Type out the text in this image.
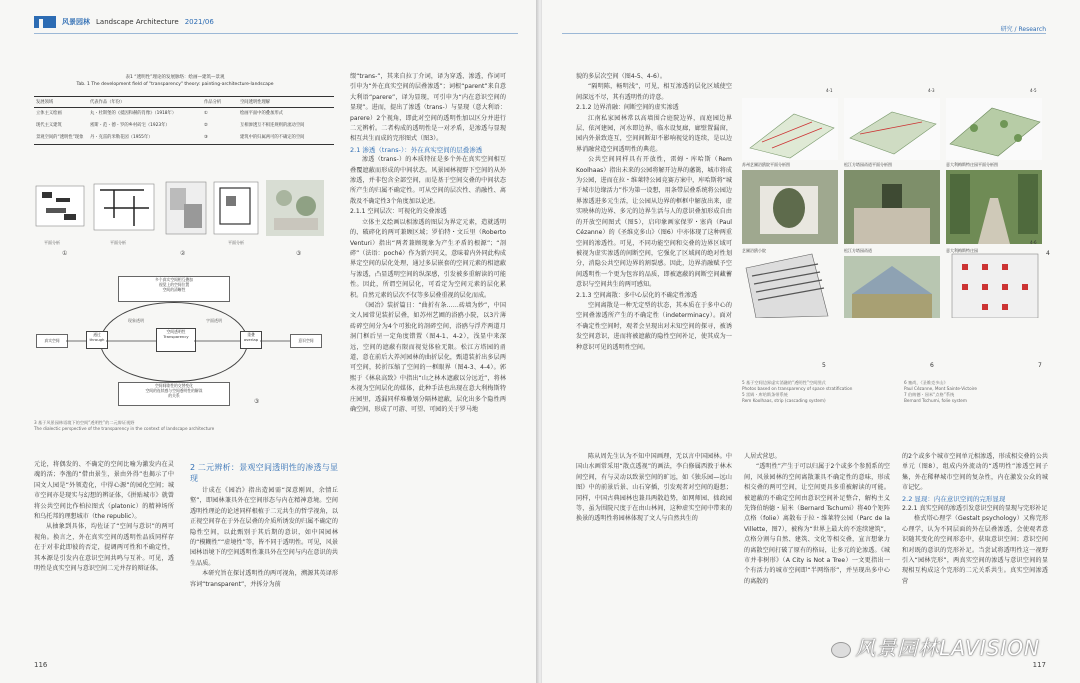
风景园林 Landscape Architecture 2021/06
表1 “透明性”理论的发展脉络：绘画—建筑—景观
Tab. 1 The development field of "transparency" theory: painting-architecture-landscape
发展领域	代表作品（年份）	作品分析	空间透明性理解
立体主义绘画	丸・杜斯堡的《抵因和赫的肖像》（1918年）	①	绘画平面中的叠加形式
现代主义建筑	密斯・范・德・罗的乡村砖宅（1923年）	②	互相渗透互不相连规则的流动空间
景观空间的“透明性”现象	丹・克雷的米勒花园（1955年）	③	建筑中的归属两可的不确定的空间
平面分析	平面分析	平面分析
①	②	③
多个真实空间相互叠加
视觉上的空间位置
空间的清晰性
空间间歇性的交替变化
空间的连续感与空间透明性的解读
的关系
真实空间
通过
through
空间透明性
Transparency	重叠
overlap	意识空间
现象透明	字面透明
③
3 基于风景园林语境下的空间“透明性”的二元辩证视野
The dialectic perspective of the transparency in the context of landscape architecture

元论，将偶发的、不确定的空间比喻为激发内在灵魂的活；李渔的“借由景生，景由外得”也揭示了中国文人园是“外领造化，中得心源”的园化空间；城市空间亦是现实与幻想的辨证体，《拼贴城市》就曾将公共空间比作柏拉图式（platonic）的精神场所和乌托邦的理想城市（the republic）。

从抽象到具体，均佐证了“空间与意识”的两可视角。换言之，外在真实空间的透明性品质同样存在于对非此即彼的否定，提调两可性和不确定性，其本源是引发内在意识空间共鸣与互补。可见，透明性是真实空间与意识空间二元并存的辩证体。

2 二元辨析：景观空间透明性的渗透与显现

计成在《园冶》指出造园需“深意刚固，余情丘壑”，即园林兼具外在空间形态与内在精神意境。空间透明性理论的论述同样根植于二元共生的哲学视角，以正视空间存在于外在层叠的介质所诱发的归属不确定的隐性空间，以此甄别于其后期的意识，如中国园林的“模糊性”“虚境性”等，皆不同于透明性。可见，风景园林语境下的空间透明性兼具外在空间与内在意识的共生品质。

本研究旨在探讨透明性的两可视角，溯源其英译形容词“transparent”，并拆分为前

缀“trans-”，其来自拉丁介词，译为穿透、渗透，作词可引申为“外在真实空间的层叠渗透”；词根“parent”来自意大利语“parere”，译为显现，可引申为“内在意识空间的显现”。进而，提出了渗透（trans-）与显现（意大利语：parere）2个视角，即此对空间的透明性加以区分并进行二元辨析。二者构成的透明性是一对矛盾，是渗透与显现相互共生而成的完形图式（图3）。

2.1 渗透（trans-）：外在真实空间的层叠渗透

渗透（trans-）的本质特征是多个外在真实空间相互叠覆遮蔽而形成的中间状态。风景园林视野下空间的从外渗透，并非包含全部空间，而是基于空间交叠的中间状态所产生的归属不确定性。可从空间的层次性、消融性、离散及不确定性3个角度加以论述。

2.1.1 空间层次：可视化的交叠渗透

立体主义绘画以相渗透的图层为界定元素，造就透明的、破碎化的两可兼顾区域；罗伯特・文丘里（Roberto Venturi）指出“两者兼顾现象为产生矛盾的根源”；“剖碎”（法语：poché）作为新兴同义，意味着内外同此构成界定空间的层化处理，通过多层嵌套的空间元素的相遮蔽与渗透，凸显透明空间的纵深感，引发被多重解读的可能性。因此，所谓空间层化，可看定为空间元素的层化累积。自然元素的层次不仅等多层叠重视的层化而成。

《园冶》装折篇日：“曲折有条……砖墙为妙”，中国文人园常见装折层叠，如苏州艺圃的浴鸥小院，以3片薄砖碎空间分为4个可独化的剖碎空间，浴鸥与浮芹两道月洞门框后呈一定角度错置（图4-1、4-2），浅显中来深远，空间的遮蔽有限而视觉体验无限。松江方塔园的甬道，意在前后大养河园林的曲折层化，甄道装折出多层两可空间，转折压缩了空间的一框眼界（图4-3、4-4）。郭熙于《林泉高致》中指出“山之林木遮蔽以分远近”，将林木视为空间层化的媒体，此种手法也出现在意大利梅斯特庄园里，透漏同样堆疊划分隔林遮蔽，层化出多个隐性两确空间，形成了可游、可望、可园的关于罗马地

116
研究 / Research

貌的多层次空间（图4-5、4-6）。

“隔明陈，畅明浅”，可见，相互渗透的层化区域使空间深远不尽，其有透明性的诗意。

2.1.2 边界消融：间断空间的虚实渗透

江南私家园林常以高墙围合庭院边界，而庭园边界层、依河建园，河水即边界，临水设复廊，廊壁置漏窗，园内外景致连互，空间间断却不影响视觉的连续，是以边界消融营造空间透明性的典范。

公共空间同样具有开放性，雷姆・库哈斯（Rem Koolhaas）指出未来的公园将解开边界的藩篱，城市将成为公园，进而在拉・维莱特公园竞赛方案中，库哈斯将“城于城市边缘活力”作为第一设想，用条带层叠系统将公园边界渗透进多元生活，让公园从边界的框框中解放出来，虚实映林的边界、多元的边界生活与人的意识叠加形成自由的开放空间图式（图5），启印象画家保罗・塞尚（Paul Cézanne）的《圣维克多山》（图6）中亦体现了这种两重空间的渗透性。可见，不同功能空间和交叠的边界区域可被视为虚实渗透的间断空间，它强化了区域间的绝对性划分，消隐公共空间边界的割裂感。因此，边界消融赋予空间透明性一个更为包容的品质，即被遮蔽的间断空间藏蓄意识与空间共生的两可感知。

2.1.3 空间离散：多中心层化的不确定性渗透

空间离散是一种无定型的状态，其本质在于多中心的空间叠渗透所产生的不确定性（indeterminacy）。面对不确定性空间时，观者会呈现出对未知空间的探寻，被诱发空间意识，进而将被遮蔽的隐性空间补足，使其成为一种意识可见的透明性空间。

4-1	4-3	4-5
苏州艺圃浴鸥院平面分析图	松江方塔园甬道平面分析图	意大利梅斯特庄园平面分析图
4-6
艺圃浴鸥小院	松江方塔园甬道	意大利梅斯特庄园	4
5	6	7
5 基于空间边界虚实消融的“透明性”空间图式
Photos based on transparency of space stratification
5 雷姆・库哈斯条带系统
Rem Koolhaas, strip (cascading system)
6 塞尚，《圣维克多山》
Paul Cézanne, Mont Sainte-Victoire
7 伯纳德・屈米“点格”系统
Bernard Tschumi, folie system

陈从周先生认为不知中国画理，无以言中国园林。中国山水画常采用“散点透视”的画法，李白修属西敦于林木间空间，有与灵动以致景空间的旷远，如《独乐园—远山图》中的前景后景、山石穿插，引发观者对空间的遐想；同样，中国古典园林也兼具两散趋势，如网师园、拙政园等，虽为围院尺度于在由山林间，这种虚实空间中带来的换景的透明性将园林体现了文人与自然共生的

人居式营思。

“透明性”产生于可以归属于2个或多个参照系的空间，风景园林的空间离散兼具不确定性的意味，形成相交叠的两可空间，让空间更具多重被解读的可能。被遮蔽的不确定空间由意识空间补足整合，解构主义先锋伯纳德・屈米（Bernard Tschumi）将40个矩阵点格（folie）离散布于拉・维莱特公园（Parc de la Villette，图7），被称为“世界上最大的不连续建筑”，点格分割与自然、建筑、文化等相交叠，宣言想象力的离散空间打破了原有的格局，让多元的论渗透。《城市并非树形》（A City is Not a Tree）一文更指出一个有活力的城市空间即“半网络形”，并呈现出多中心的离散的

的2个或多个城市空间单元相渗透，形成相交叠的公共单元（图8），组成内外流动的“透明性”渗透空间子集，外在稀释城市空间的复杂性，内在激发公众的城市记忆。

2.2 显现：内在意识空间的完形显现
2.2.1 真实空间的渗透引发意识空间的显现与完形补足

格式塔心理学（Gestalt psychology）又称完形心理学，认为不同层面的外在层叠渗透，会使观者意识随其变化的空间形态中，获取意识空间；意识空间和对既的意识的完形补足。当尝试将透明性这一视野引入“园林完形”，两真实空间的渗透与意识空间的显现相互构成这个完形的二元关系共生。真实空间渗透营

风景园林LAVISION
117
